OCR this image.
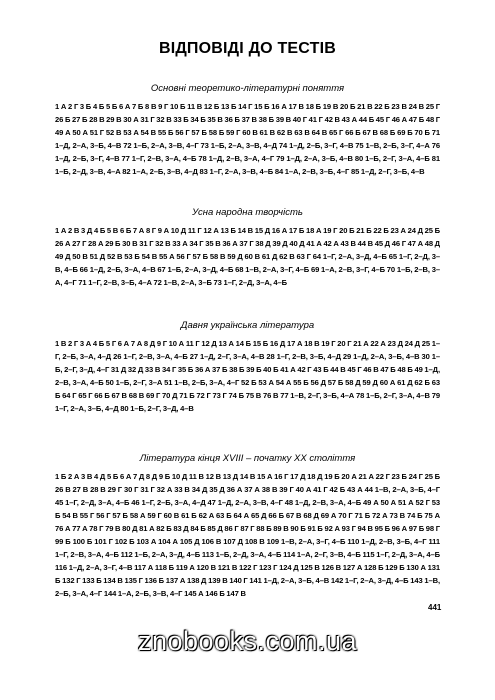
ВІДПОВІДІ ДО ТЕСТІВ
Основні теоретико-літературні поняття
1 А 2 Г 3 Б 4 Б 5 Б 6 А 7 Б 8 В 9 Г 10 Б 11 В 12 Б 13 Б 14 Г 15 Б 16 А 17 В 18 Б 19 В 20 Б 21 В 22 Б 23 В 24 В 25 Г 26 Б 27 Б 28 В 29 В 30 А 31 Г 32 В 33 Б 34 Б 35 В 36 Б 37 В 38 Б 39 В 40 Г 41 Г 42 В 43 А 44 Б 45 Г 46 А 47 Б 48 Г 49 А 50 А 51 Г 52 В 53 А 54 В 55 Б 56 Г 57 Б 58 Б 59 Г 60 В 61 В 62 В 63 В 64 В 65 Г 66 Б 67 В 68 Б 69 Б 70 Б 71 1–Д, 2–А, 3–Б, 4–В 72 1–Б, 2–А, 3–В, 4–Г 73 1–Б, 2–А, 3–В, 4–Д 74 1–Д, 2–Б, 3–Г, 4–В 75 1–В, 2–Б, 3–Г, 4–А 76 1–Д, 2–Б, 3–Г, 4–В 77 1–Г, 2–В, 3–А, 4–Б 78 1–Д, 2–В, 3–А, 4–Г 79 1–Д, 2–А, 3–Б, 4–В 80 1–Б, 2–Г, 3–А, 4–Б 81 1–Б, 2–Д, 3–В, 4–А 82 1–А, 2–Б, 3–В, 4–Д 83 1–Г, 2–А, 3–В, 4–Б 84 1–А, 2–В, 3–Б, 4–Г 85 1–Д, 2–Г, 3–Б, 4–В
Усна народна творчість
1 А 2 В 3 Д 4 Б 5 В 6 Б 7 А 8 Г 9 А 10 Д 11 Г 12 А 13 Б 14 В 15 Д 16 А 17 Б 18 А 19 Г 20 Б 21 Б 22 Б 23 А 24 Д 25 Б 26 А 27 Г 28 А 29 Б 30 В 31 Г 32 В 33 А 34 Г 35 В 36 А 37 Г 38 Д 39 Д 40 Д 41 А 42 А 43 В 44 В 45 Д 46 Г 47 А 48 Д 49 Д 50 В 51 Д 52 В 53 Б 54 В 55 А 56 Г 57 Б 58 В 59 Д 60 В 61 Д 62 В 63 Г 64 1–Г, 2–А, 3–Д, 4–Б 65 1–Г, 2–Д, 3–В, 4–Б 66 1–Д, 2–Б, 3–А, 4–В 67 1–Б, 2–А, 3–Д, 4–Б 68 1–В, 2–А, 3–Г, 4–Б 69 1–А, 2–В, 3–Г, 4–Б 70 1–Б, 2–В, 3–А, 4–Г 71 1–Г, 2–В, 3–Б, 4–А 72 1–В, 2–А, 3–Б 73 1–Г, 2–Д, 3–А, 4–Б
Давня українська література
1 В 2 Г 3 А 4 Б 5 Г 6 А 7 А 8 Д 9 Г 10 А 11 Г 12 Д 13 А 14 Б 15 Б 16 Д 17 А 18 В 19 Г 20 Г 21 А 22 А 23 Д 24 Д 25 1–Г, 2–Б, 3–А, 4–Д 26 1–Г, 2–В, 3–А, 4–Б 27 1–Д, 2–Г, 3–А, 4–В 28 1–Г, 2–В, 3–Б, 4–Д 29 1–Д, 2–А, 3–Б, 4–В 30 1–Б, 2–Г, 3–Д, 4–Г 31 Д 32 Д 33 В 34 Г 35 Б 36 А 37 Б 38 Б 39 Б 40 Б 41 А 42 Г 43 Б 44 В 45 Г 46 В 47 Б 48 Б 49 1–Д, 2–В, 3–А, 4–Б 50 1–Б, 2–Г, 3–А 51 1–В, 2–Б, 3–А, 4–Г 52 Б 53 А 54 А 55 Б 56 Д 57 Б 58 Д 59 Д 60 А 61 Д 62 Б 63 Б 64 Г 65 Г 66 Б 67 В 68 В 69 Г 70 Д 71 Б 72 Г 73 Г 74 Б 75 В 76 В 77 1–В, 2–Г, 3–Б, 4–А 78 1–Б, 2–Г, 3–А, 4–В 79 1–Г, 2–А, 3–Б, 4–Д 80 1–Б, 2–Г, 3–Д, 4–В
Література кінця XVIII – початку XX століття
1 Б 2 А 3 В 4 Д 5 Б 6 А 7 Д 8 Д 9 Б 10 Д 11 В 12 В 13 Д 14 В 15 А 16 Г 17 Д 18 Д 19 Б 20 А 21 А 22 Г 23 Б 24 Г 25 Б 26 В 27 В 28 В 29 Г 30 Г 31 Г 32 А 33 В 34 Д 35 Д 36 А 37 А 38 В 39 Г 40 А 41 Г 42 Б 43 А 44 1–В, 2–А, 3–Б, 4–Г 45 1–Г, 2–Д, 3–А, 4–Б 46 1–Г, 2–Б, 3–А, 4–Д 47 1–Д, 2–А, 3–В, 4–Г 48 1–Д, 2–В, 3–А, 4–Б 49 А 50 А 51 А 52 Г 53 Б 54 В 55 Г 56 Г 57 Б 58 А 59 Г 60 В 61 Б 62 А 63 Б 64 А 65 Д 66 Б 67 В 68 Д 69 А 70 Г 71 Б 72 А 73 В 74 Б 75 А 76 А 77 А 78 Г 79 В 80 Д 81 А 82 Б 83 Д 84 Б 85 Д 86 Г 87 Г 88 Б 89 В 90 Б 91 Б 92 А 93 Г 94 В 95 Б 96 А 97 Б 98 Г 99 Б 100 Б 101 Г 102 Б 103 А 104 А 105 Д 106 В 107 Д 108 В 109 1–В, 2–А, 3–Г, 4–Б 110 1–Д, 2–В, 3–Б, 4–Г 111 1–Г, 2–В, 3–А, 4–Б 112 1–Б, 2–А, 3–Д, 4–Б 113 1–Б, 2–Д, 3–А, 4–Б 114 1–А, 2–Г, 3–В, 4–Б 115 1–Г, 2–Д, 3–А, 4–Б 116 1–Д, 2–А, 3–Г, 4–В 117 А 118 Б 119 А 120 В 121 В 122 Г 123 Г 124 Д 125 В 126 В 127 А 128 Б 129 Б 130 А 131 Б 132 Г 133 Б 134 В 135 Г 136 Б 137 А 138 Д 139 В 140 Г 141 1–Д, 2–А, 3–Б, 4–В 142 1–Г, 2–А, 3–Д, 4–Б 143 1–В, 2–Б, 3–А, 4–Г 144 1–А, 2–Б, 3–В, 4–Г 145 А 146 Б 147 В
441
znobooks.com.ua
